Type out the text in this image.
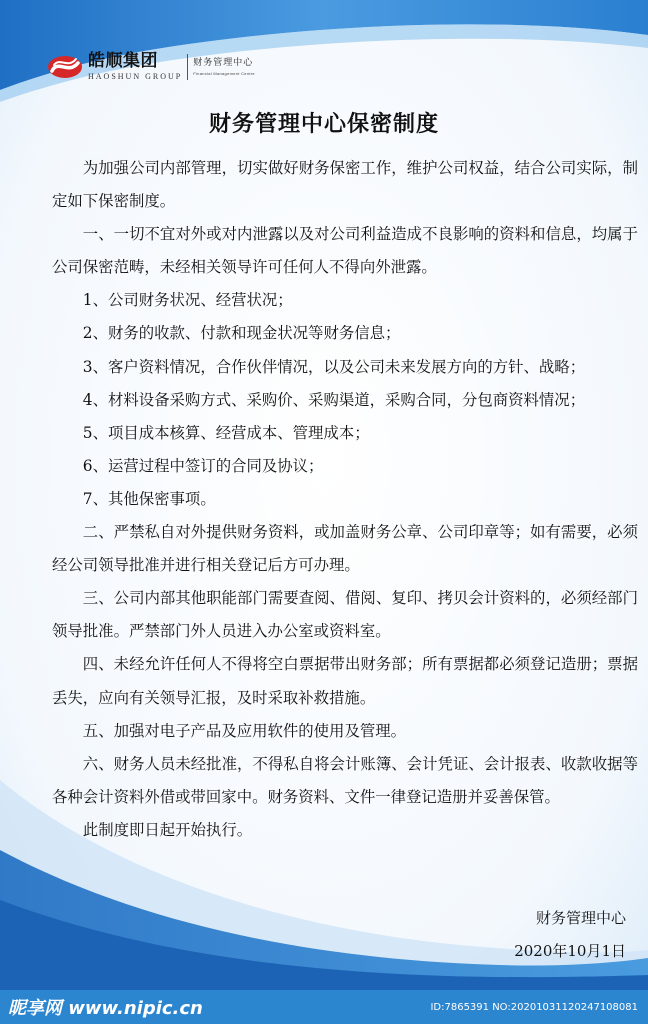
皓顺集团
HAOSHUN GROUP
财务管理中心
Financial Management Centre
财务管理中心保密制度

为加强公司内部管理，切实做好财务保密工作，维护公司权益，结合公司实际，制定如下保密制度。

一、一切不宜对外或对内泄露以及对公司利益造成不良影响的资料和信息，均属于公司保密范畴，未经相关领导许可任何人不得向外泄露。

1、公司财务状况、经营状况；

2、财务的收款、付款和现金状况等财务信息；

3、客户资料情况，合作伙伴情况，以及公司未来发展方向的方针、战略；

4、材料设备采购方式、采购价、采购渠道，采购合同，分包商资料情况；

5、项目成本核算、经营成本、管理成本；

6、运营过程中签订的合同及协议；

7、其他保密事项。

二、严禁私自对外提供财务资料，或加盖财务公章、公司印章等；如有需要，必须经公司领导批准并进行相关登记后方可办理。

三、公司内部其他职能部门需要查阅、借阅、复印、拷贝会计资料的，必须经部门领导批准。严禁部门外人员进入办公室或资料室。

四、未经允许任何人不得将空白票据带出财务部；所有票据都必须登记造册；票据丢失，应向有关领导汇报，及时采取补救措施。

五、加强对电子产品及应用软件的使用及管理。

六、财务人员未经批准，不得私自将会计账簿、会计凭证、会计报表、收款收据等各种会计资料外借或带回家中。财务资料、文件一律登记造册并妥善保管。

此制度即日起开始执行。

财务管理中心
2020年10月1日
昵享网 www.nipic.cn	ID:7865391 NO:20201031120247108081
